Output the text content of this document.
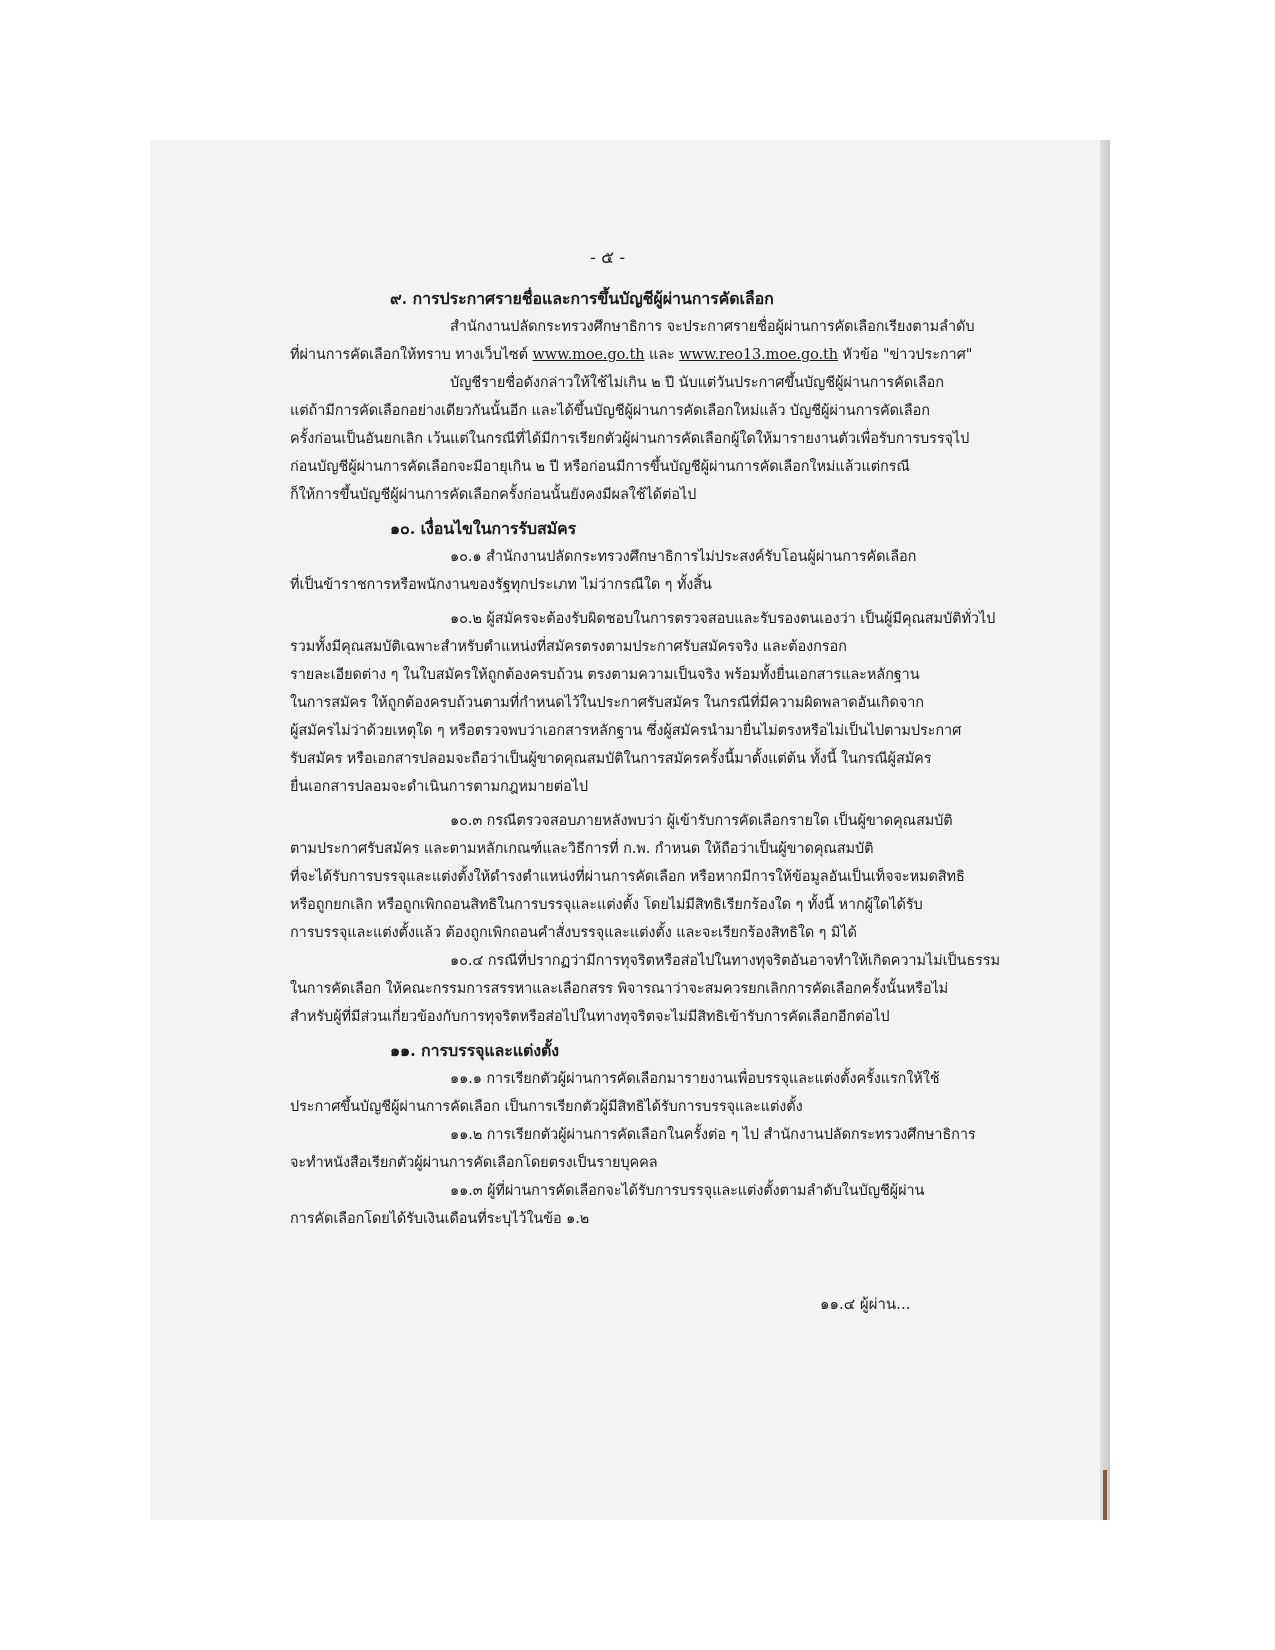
- ๕ -

๙. การประกาศรายชื่อและการขึ้นบัญชีผู้ผ่านการคัดเลือก

สำนักงานปลัดกระทรวงศึกษาธิการ จะประกาศรายชื่อผู้ผ่านการคัดเลือกเรียงตามลำดับ

ที่ผ่านการคัดเลือกให้ทราบ ทางเว็บไซต์ www.moe.go.th และ www.reo13.moe.go.th หัวข้อ "ข่าวประกาศ"

บัญชีรายชื่อดังกล่าวให้ใช้ไม่เกิน ๒ ปี นับแต่วันประกาศขึ้นบัญชีผู้ผ่านการคัดเลือก

แต่ถ้ามีการคัดเลือกอย่างเดียวกันนั้นอีก และได้ขึ้นบัญชีผู้ผ่านการคัดเลือกใหม่แล้ว บัญชีผู้ผ่านการคัดเลือก

ครั้งก่อนเป็นอันยกเลิก เว้นแต่ในกรณีที่ได้มีการเรียกตัวผู้ผ่านการคัดเลือกผู้ใดให้มารายงานตัวเพื่อรับการบรรจุไป

ก่อนบัญชีผู้ผ่านการคัดเลือกจะมีอายุเกิน ๒ ปี หรือก่อนมีการขึ้นบัญชีผู้ผ่านการคัดเลือกใหม่แล้วแต่กรณี

ก็ให้การขึ้นบัญชีผู้ผ่านการคัดเลือกครั้งก่อนนั้นยังคงมีผลใช้ได้ต่อไป

๑๐. เงื่อนไขในการรับสมัคร

๑๐.๑ สำนักงานปลัดกระทรวงศึกษาธิการไม่ประสงค์รับโอนผู้ผ่านการคัดเลือก

ที่เป็นข้าราชการหรือพนักงานของรัฐทุกประเภท ไม่ว่ากรณีใด ๆ ทั้งสิ้น

๑๐.๒ ผู้สมัครจะต้องรับผิดชอบในการตรวจสอบและรับรองตนเองว่า เป็นผู้มีคุณสมบัติทั่วไป

รวมทั้งมีคุณสมบัติเฉพาะสำหรับตำแหน่งที่สมัครตรงตามประกาศรับสมัครจริง และต้องกรอก

รายละเอียดต่าง ๆ ในใบสมัครให้ถูกต้องครบถ้วน ตรงตามความเป็นจริง พร้อมทั้งยื่นเอกสารและหลักฐาน

ในการสมัคร ให้ถูกต้องครบถ้วนตามที่กำหนดไว้ในประกาศรับสมัคร ในกรณีที่มีความผิดพลาดอันเกิดจาก

ผู้สมัครไม่ว่าด้วยเหตุใด ๆ หรือตรวจพบว่าเอกสารหลักฐาน ซึ่งผู้สมัครนำมายื่นไม่ตรงหรือไม่เป็นไปตามประกาศ

รับสมัคร หรือเอกสารปลอมจะถือว่าเป็นผู้ขาดคุณสมบัติในการสมัครครั้งนี้มาตั้งแต่ต้น ทั้งนี้ ในกรณีผู้สมัคร

ยื่นเอกสารปลอมจะดำเนินการตามกฎหมายต่อไป

๑๐.๓ กรณีตรวจสอบภายหลังพบว่า ผู้เข้ารับการคัดเลือกรายใด เป็นผู้ขาดคุณสมบัติ

ตามประกาศรับสมัคร และตามหลักเกณฑ์และวิธีการที่ ก.พ. กำหนด ให้ถือว่าเป็นผู้ขาดคุณสมบัติ

ที่จะได้รับการบรรจุและแต่งตั้งให้ดำรงตำแหน่งที่ผ่านการคัดเลือก หรือหากมีการให้ข้อมูลอันเป็นเท็จจะหมดสิทธิ

หรือถูกยกเลิก หรือถูกเพิกถอนสิทธิในการบรรจุและแต่งตั้ง โดยไม่มีสิทธิเรียกร้องใด ๆ ทั้งนี้ หากผู้ใดได้รับ

การบรรจุและแต่งตั้งแล้ว ต้องถูกเพิกถอนคำสั่งบรรจุและแต่งตั้ง และจะเรียกร้องสิทธิใด ๆ มิได้

๑๐.๔ กรณีที่ปรากฏว่ามีการทุจริตหรือส่อไปในทางทุจริตอันอาจทำให้เกิดความไม่เป็นธรรม

ในการคัดเลือก ให้คณะกรรมการสรรหาและเลือกสรร พิจารณาว่าจะสมควรยกเลิกการคัดเลือกครั้งนั้นหรือไม่

สำหรับผู้ที่มีส่วนเกี่ยวข้องกับการทุจริตหรือส่อไปในทางทุจริตจะไม่มีสิทธิเข้ารับการคัดเลือกอีกต่อไป

๑๑. การบรรจุและแต่งตั้ง

๑๑.๑ การเรียกตัวผู้ผ่านการคัดเลือกมารายงานเพื่อบรรจุและแต่งตั้งครั้งแรกให้ใช้

ประกาศขึ้นบัญชีผู้ผ่านการคัดเลือก เป็นการเรียกตัวผู้มีสิทธิได้รับการบรรจุและแต่งตั้ง

๑๑.๒ การเรียกตัวผู้ผ่านการคัดเลือกในครั้งต่อ ๆ ไป สำนักงานปลัดกระทรวงศึกษาธิการ

จะทำหนังสือเรียกตัวผู้ผ่านการคัดเลือกโดยตรงเป็นรายบุคคล

๑๑.๓ ผู้ที่ผ่านการคัดเลือกจะได้รับการบรรจุและแต่งตั้งตามลำดับในบัญชีผู้ผ่าน

การคัดเลือกโดยได้รับเงินเดือนที่ระบุไว้ในข้อ ๑.๒

๑๑.๔ ผู้ผ่าน...
